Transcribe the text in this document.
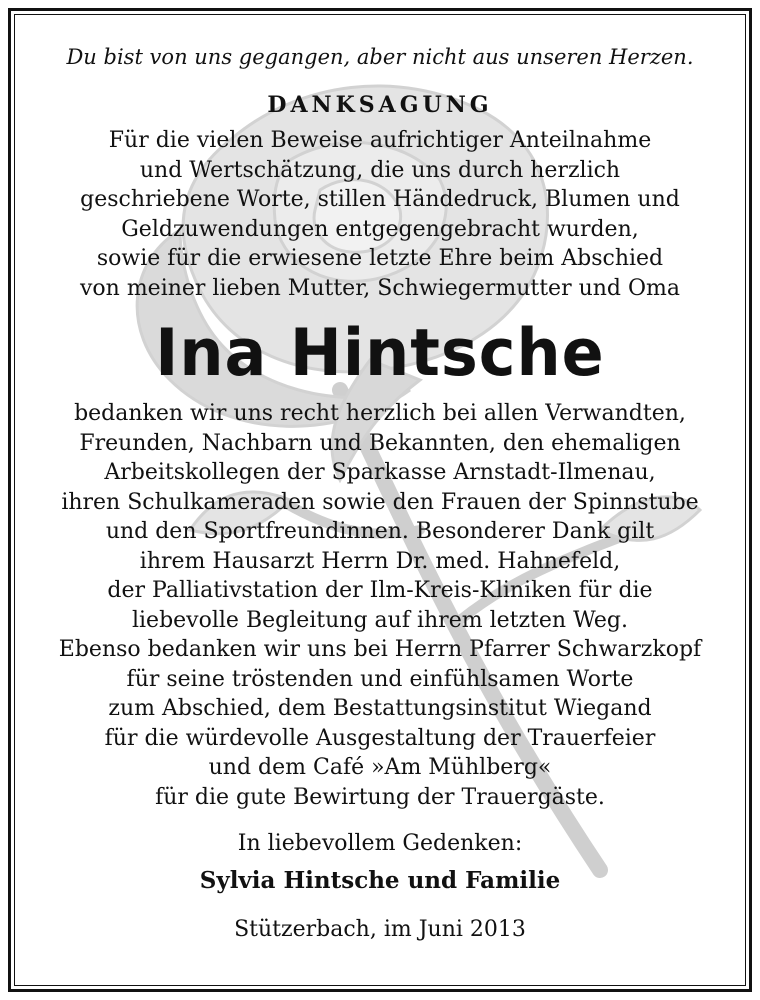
Du bist von uns gegangen, aber nicht aus unseren Herzen.

DANKSAGUNG

Für die vielen Beweise aufrichtiger Anteilnahme
und Wertschätzung, die uns durch herzlich
geschriebene Worte, stillen Händedruck, Blumen und
Geldzuwendungen entgegengebracht wurden,
sowie für die erwiesene letzte Ehre beim Abschied
von meiner lieben Mutter, Schwiegermutter und Oma

Ina Hintsche

bedanken wir uns recht herzlich bei allen Verwandten,
Freunden, Nachbarn und Bekannten, den ehemaligen
Arbeitskollegen der Sparkasse Arnstadt-Ilmenau,
ihren Schulkameraden sowie den Frauen der Spinnstube
und den Sportfreundinnen. Besonderer Dank gilt
ihrem Hausarzt Herrn Dr. med. Hahnefeld,
der Palliativstation der Ilm-Kreis-Kliniken für die
liebevolle Begleitung auf ihrem letzten Weg.
Ebenso bedanken wir uns bei Herrn Pfarrer Schwarzkopf
für seine tröstenden und einfühlsamen Worte
zum Abschied, dem Bestattungsinstitut Wiegand
für die würdevolle Ausgestaltung der Trauerfeier
und dem Café »Am Mühlberg«
für die gute Bewirtung der Trauergäste.

In liebevollem Gedenken:

Sylvia Hintsche und Familie

Stützerbach, im Juni 2013
